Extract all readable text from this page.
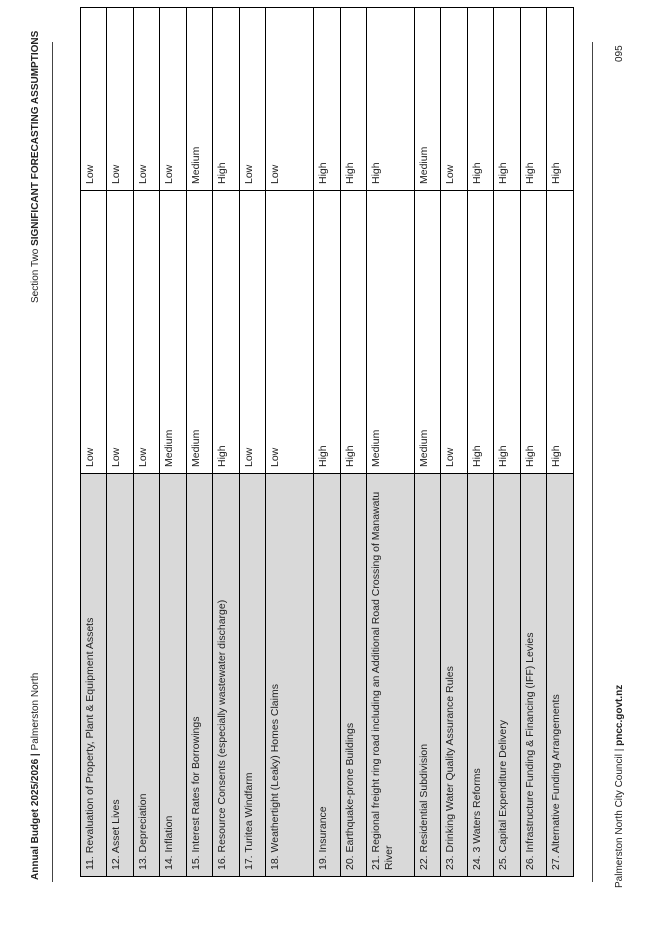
Annual Budget 2025/2026 | Palmerston North
Section Two SIGNIFICANT FORECASTING ASSUMPTIONS
11. Revaluation of Property, Plant & Equipment Assets	Low	Low
12. Asset Lives	Low	Low
13. Depreciation	Low	Low
14. Inflation	Medium	Low
15. Interest Rates for Borrowings	Medium	Medium
16. Resource Consents (especially wastewater discharge)	High	High
17. Turitea Windfarm	Low	Low
18. Weathertight (Leaky) Homes Claims	Low	Low
19. Insurance	High	High
20. Earthquake-prone Buildings	High	High
21. Regional freight ring road including an Additional Road Crossing of Manawatu River	Medium	High
22. Residential Subdivision	Medium	Medium
23. Drinking Water Quality Assurance Rules	Low	Low
24. 3 Waters Reforms	High	High
25. Capital Expenditure Delivery	High	High
26. Infrastructure Funding & Financing (IFF) Levies	High	High
27. Alternative Funding Arrangements	High	High
Palmerston North City Council | pncc.govt.nz
095
